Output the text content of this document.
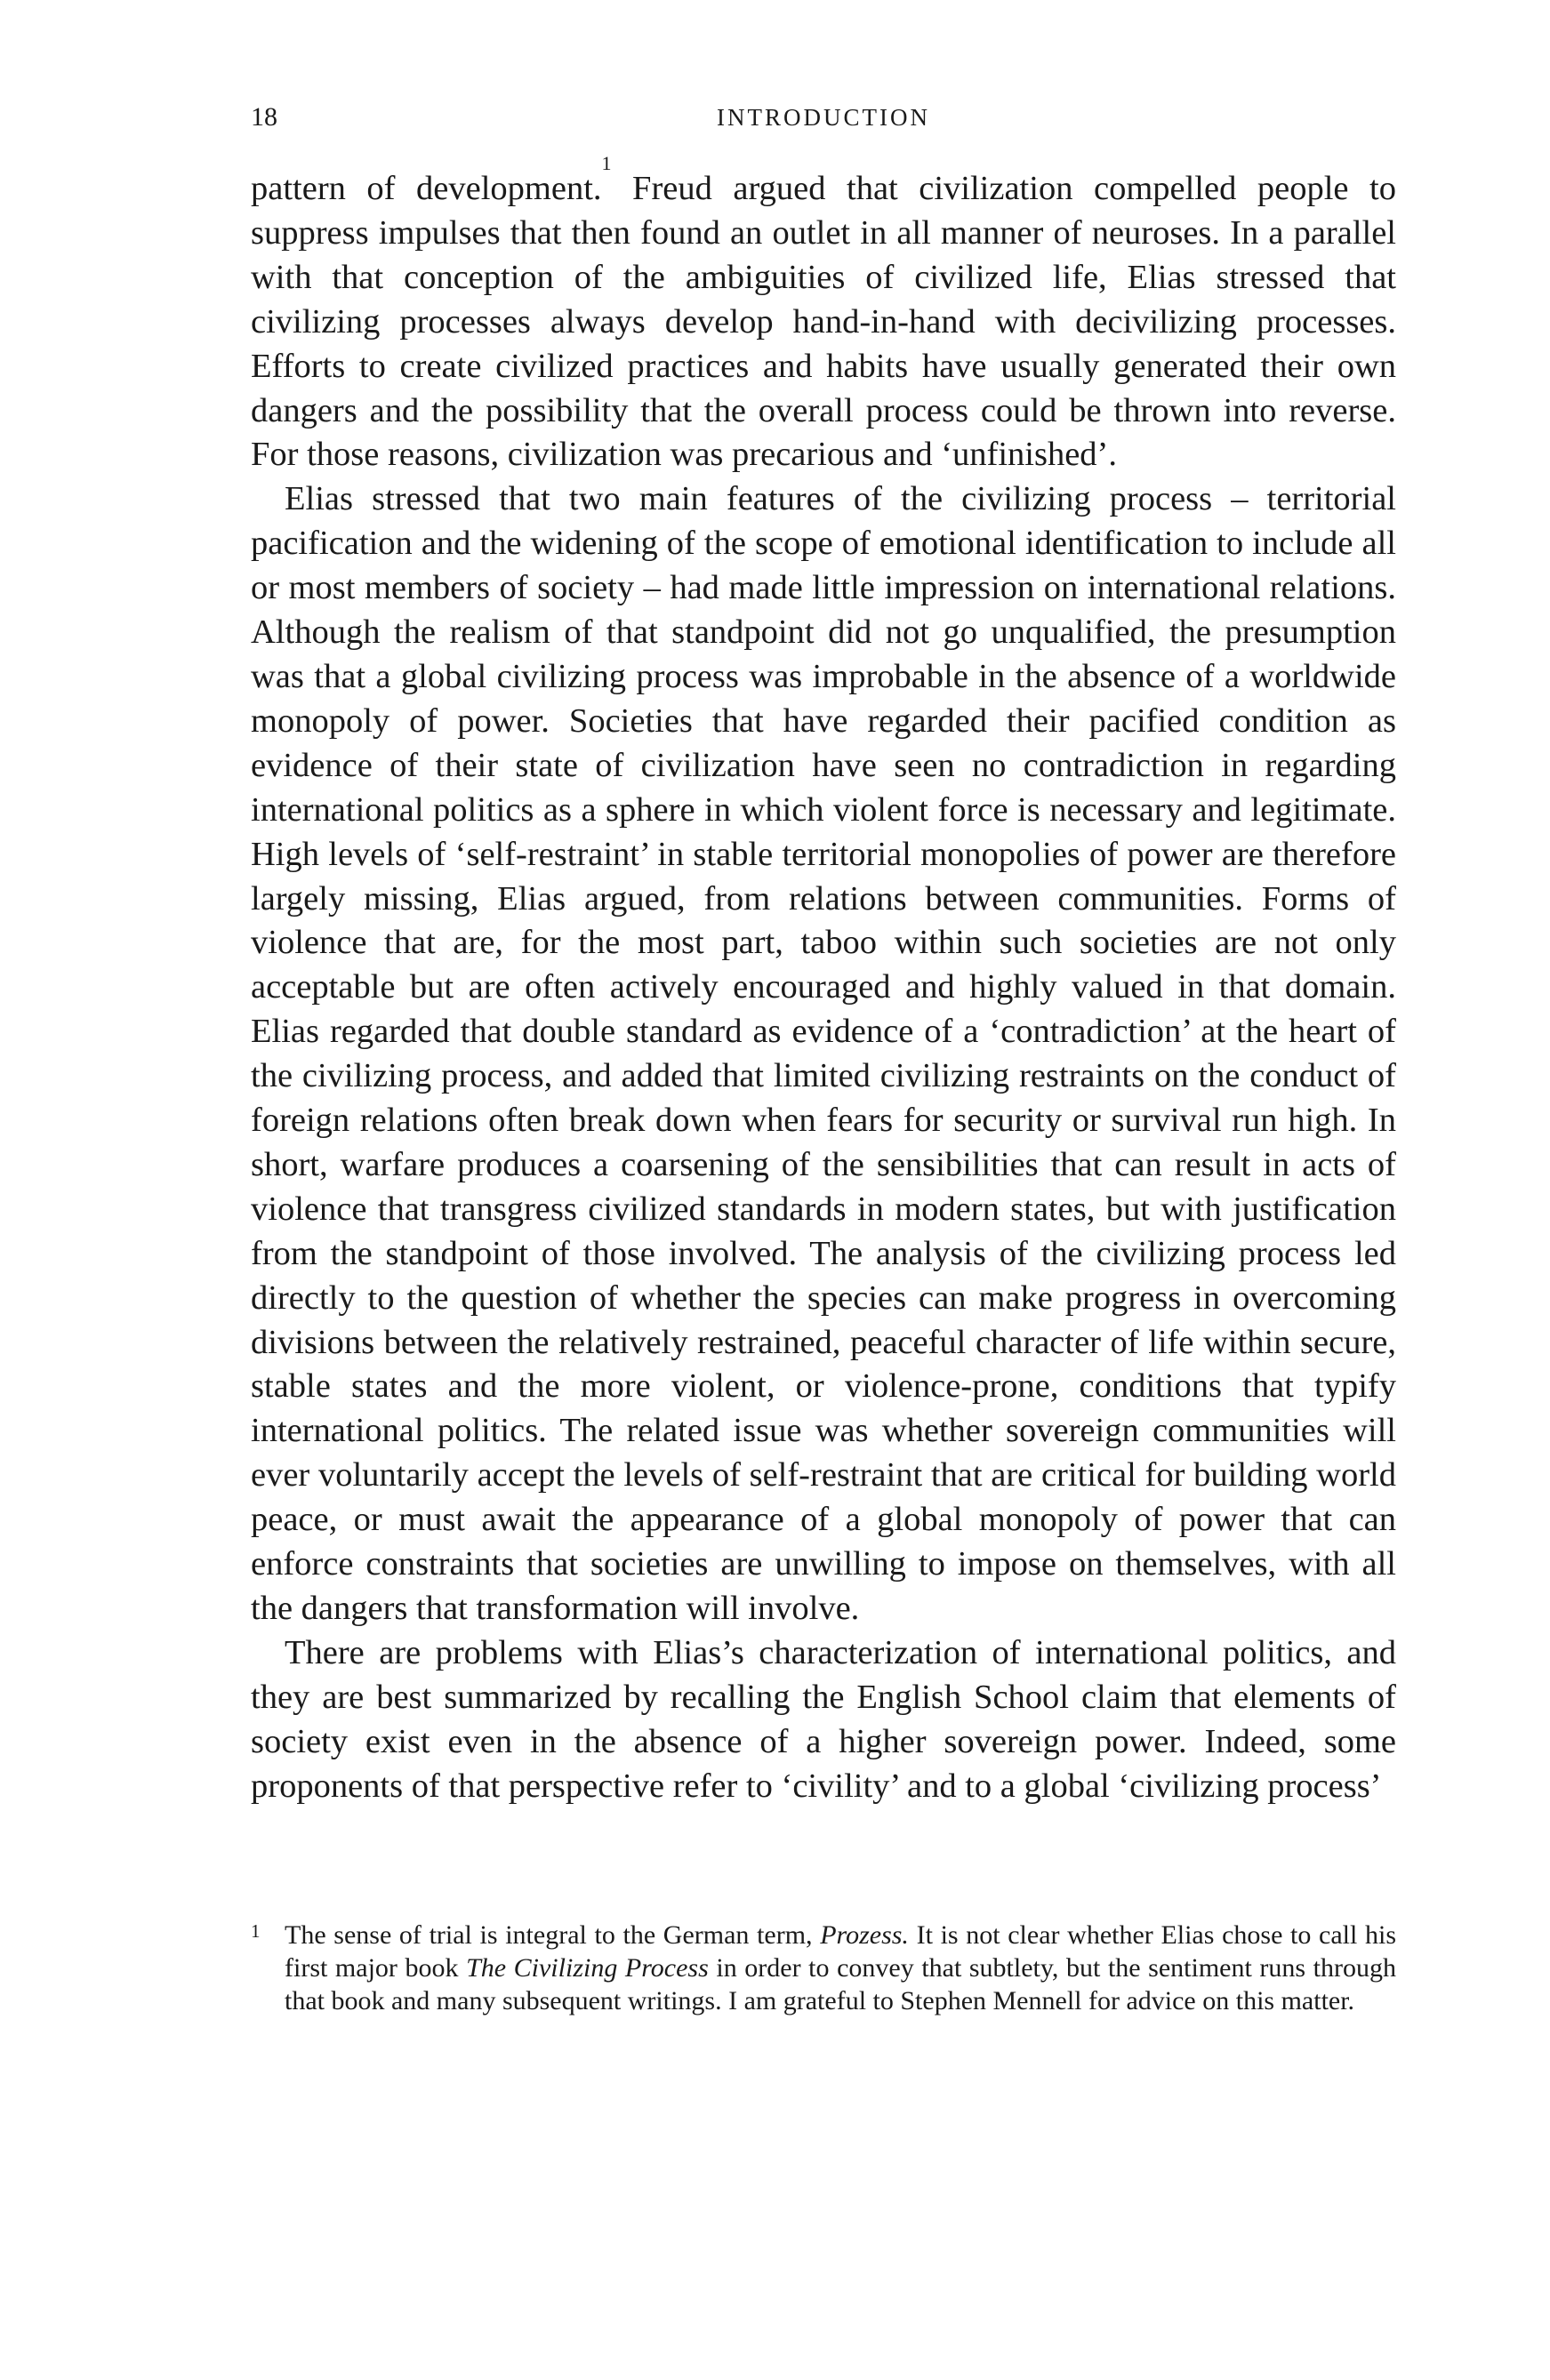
18	INTRODUCTION

pattern of development.$^1$ Freud argued that civilization compelled people to suppress impulses that then found an outlet in all manner of neuroses. In a parallel with that conception of the ambiguities of civilized life, Elias stressed that civilizing processes always develop hand-in-hand with decivilizing processes. Efforts to create civilized practices and habits have usually generated their own dangers and the possibility that the overall process could be thrown into reverse. For those reasons, civilization was precarious and ‘unfinished’.

Elias stressed that two main features of the civilizing process – territorial pacification and the widening of the scope of emotional identification to include all or most members of society – had made little impression on international relations. Although the realism of that standpoint did not go unqualified, the presumption was that a global civilizing process was improbable in the absence of a worldwide monopoly of power. Societies that have regarded their pacified condition as evidence of their state of civilization have seen no contradiction in regarding international politics as a sphere in which violent force is necessary and legitimate. High levels of ‘self-restraint’ in stable territorial monopolies of power are therefore largely missing, Elias argued, from relations between communities. Forms of violence that are, for the most part, taboo within such societies are not only acceptable but are often actively encouraged and highly valued in that domain. Elias regarded that double standard as evidence of a ‘contradiction’ at the heart of the civilizing process, and added that limited civilizing restraints on the conduct of foreign relations often break down when fears for security or survival run high. In short, warfare produces a coarsening of the sensibilities that can result in acts of violence that transgress civilized standards in modern states, but with justification from the standpoint of those involved. The analysis of the civilizing process led directly to the question of whether the species can make progress in overcoming divisions between the relatively restrained, peaceful character of life within secure, stable states and the more violent, or violence-prone, conditions that typify international politics. The related issue was whether sovereign communities will ever voluntarily accept the levels of self-restraint that are critical for building world peace, or must await the appearance of a global monopoly of power that can enforce constraints that societies are unwilling to impose on themselves, with all the dangers that transformation will involve.

There are problems with Elias’s characterization of international politics, and they are best summarized by recalling the English School claim that elements of society exist even in the absence of a higher sovereign power. Indeed, some proponents of that perspective refer to ‘civility’ and to a global ‘civilizing process’

1 The sense of trial is integral to the German term, Prozess. It is not clear whether Elias chose to call his first major book The Civilizing Process in order to convey that subtlety, but the sentiment runs through that book and many subsequent writings. I am grateful to Stephen Mennell for advice on this matter.
